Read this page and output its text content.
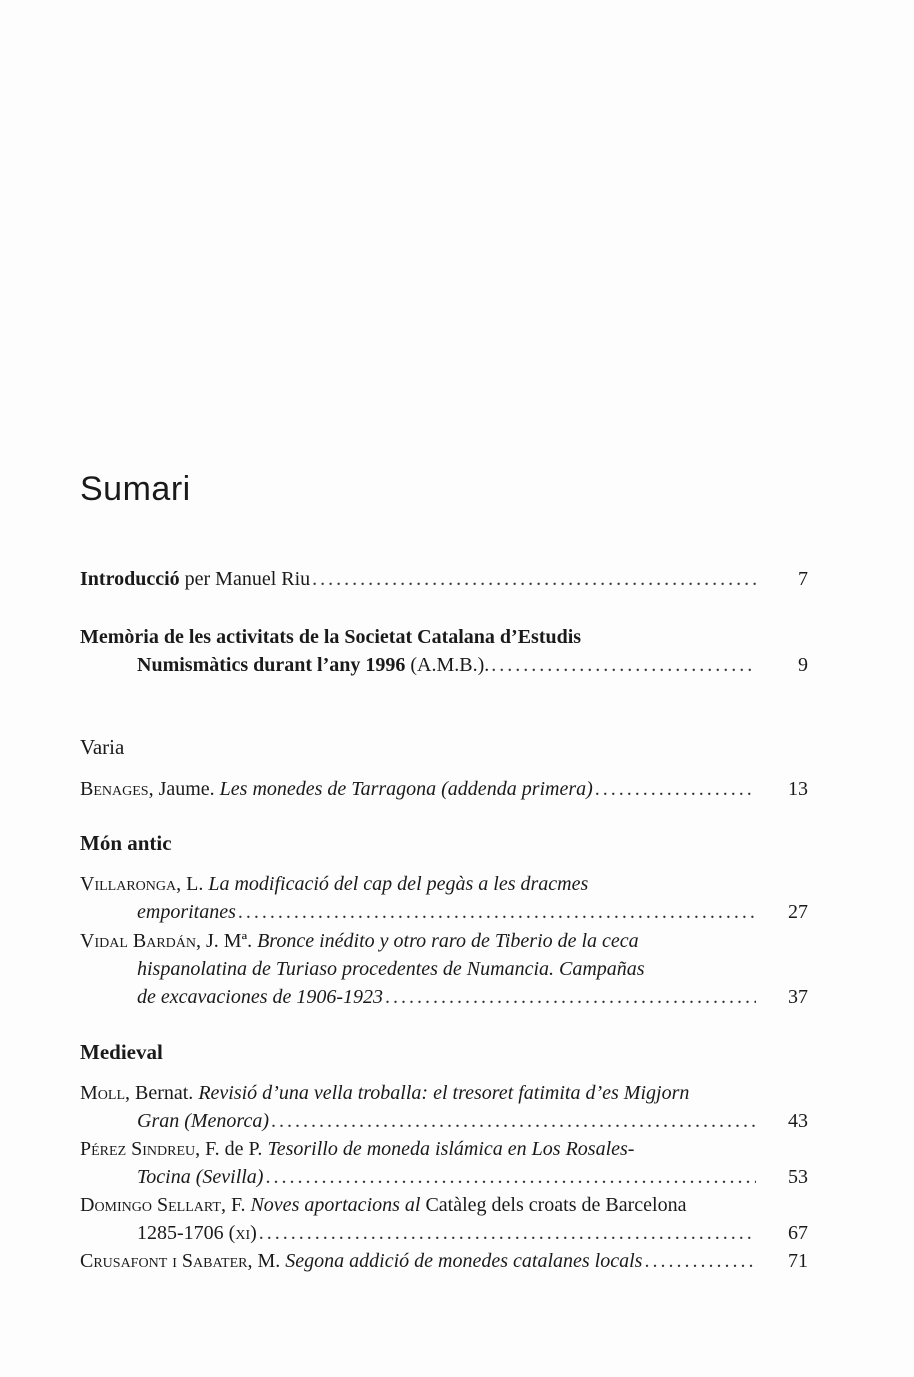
Sumari
Introducció per Manuel Riu .....	7
Memòria de les activitats de la Societat Catalana d’Estudis
Numismàtics durant l’any 1996 (A.M.B.). .....	9
Varia
Benages, Jaume. Les monedes de Tarragona (addenda primera) .....	13
Món antic
Villaronga, L. La modificació del cap del pegàs a les dracmes
emporitanes .....	27
Vidal Bardán, J. Mª. Bronce inédito y otro raro de Tiberio de la ceca
hispanolatina de Turiaso procedentes de Numancia. Campañas
de excavaciones de 1906-1923 .....	37
Medieval
Moll, Bernat. Revisió d’una vella troballa: el tresoret fatimita d’es Migjorn
Gran (Menorca) .....	43
Pérez Sindreu, F. de P. Tesorillo de moneda islámica en Los Rosales-
Tocina (Sevilla) .....	53
Domingo Sellart, F. Noves aportacions al Catàleg dels croats de Barcelona
1285-1706 (xi) .....	67
Crusafont i Sabater, M. Segona addició de monedes catalanes locals .....	71
